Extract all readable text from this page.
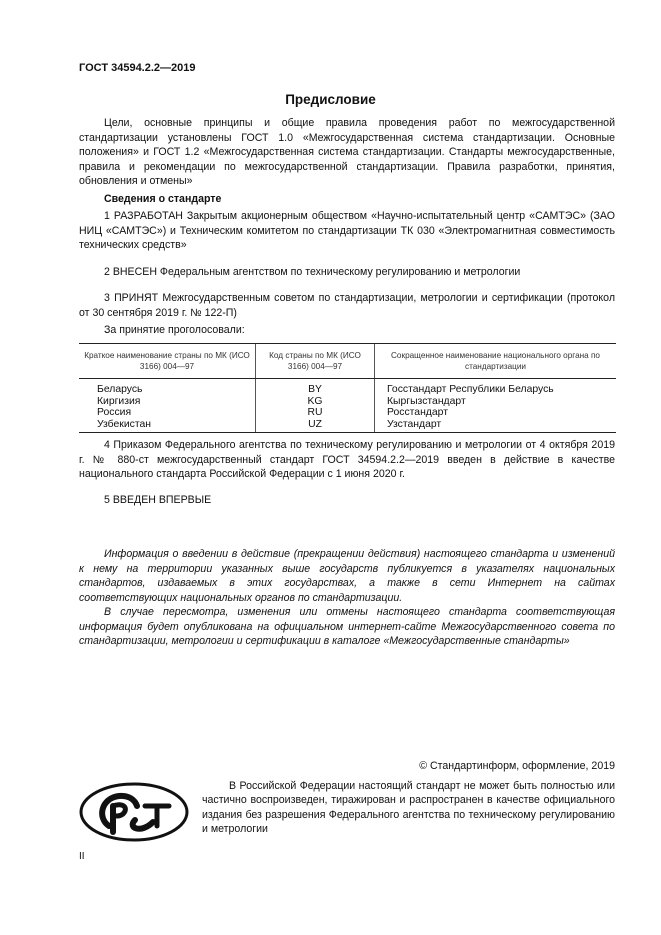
ГОСТ 34594.2.2—2019
Предисловие
Цели, основные принципы и общие правила проведения работ по межгосударственной стандартизации установлены ГОСТ 1.0 «Межгосударственная система стандартизации. Основные положения» и ГОСТ 1.2 «Межгосударственная система стандартизации. Стандарты межгосударственные, правила и рекомендации по межгосударственной стандартизации. Правила разработки, принятия, обновления и отмены»
Сведения о стандарте
1 РАЗРАБОТАН Закрытым акционерным обществом «Научно-испытательный центр «САМТЭС» (ЗАО НИЦ «САМТЭС») и Техническим комитетом по стандартизации ТК 030 «Электромагнитная совместимость технических средств»
2 ВНЕСЕН Федеральным агентством по техническому регулированию и метрологии
3 ПРИНЯТ Межгосударственным советом по стандартизации, метрологии и сертификации (протокол от 30 сентября 2019 г. № 122-П)
За принятие проголосовали:
Краткое наименование страны по МК (ИСО 3166) 004—97	Код страны по МК (ИСО 3166) 004—97	Сокращенное наименование национального органа по стандартизации
Беларусь	BY	Госстандарт Республики Беларусь
Киргизия	KG	Кыргызстандарт
Россия	RU	Росстандарт
Узбекистан	UZ	Узстандарт
4 Приказом Федерального агентства по техническому регулированию и метрологии от 4 октября 2019 г. № 880-ст межгосударственный стандарт ГОСТ 34594.2.2—2019 введен в действие в качестве национального стандарта Российской Федерации с 1 июня 2020 г.
5 ВВЕДЕН ВПЕРВЫЕ
Информация о введении в действие (прекращении действия) настоящего стандарта и изменений к нему на территории указанных выше государств публикуется в указателях национальных стандартов, издаваемых в этих государствах, а также в сети Интернет на сайтах соответствующих национальных органов по стандартизации.
В случае пересмотра, изменения или отмены настоящего стандарта соответствующая информация будет опубликована на официальном интернет-сайте Межгосударственного совета по стандартизации, метрологии и сертификации в каталоге «Межгосударственные стандарты»
© Стандартинформ, оформление, 2019
В Российской Федерации настоящий стандарт не может быть полностью или частично воспроизведен, тиражирован и распространен в качестве официального издания без разрешения Федерального агентства по техническому регулированию и метрологии
II
